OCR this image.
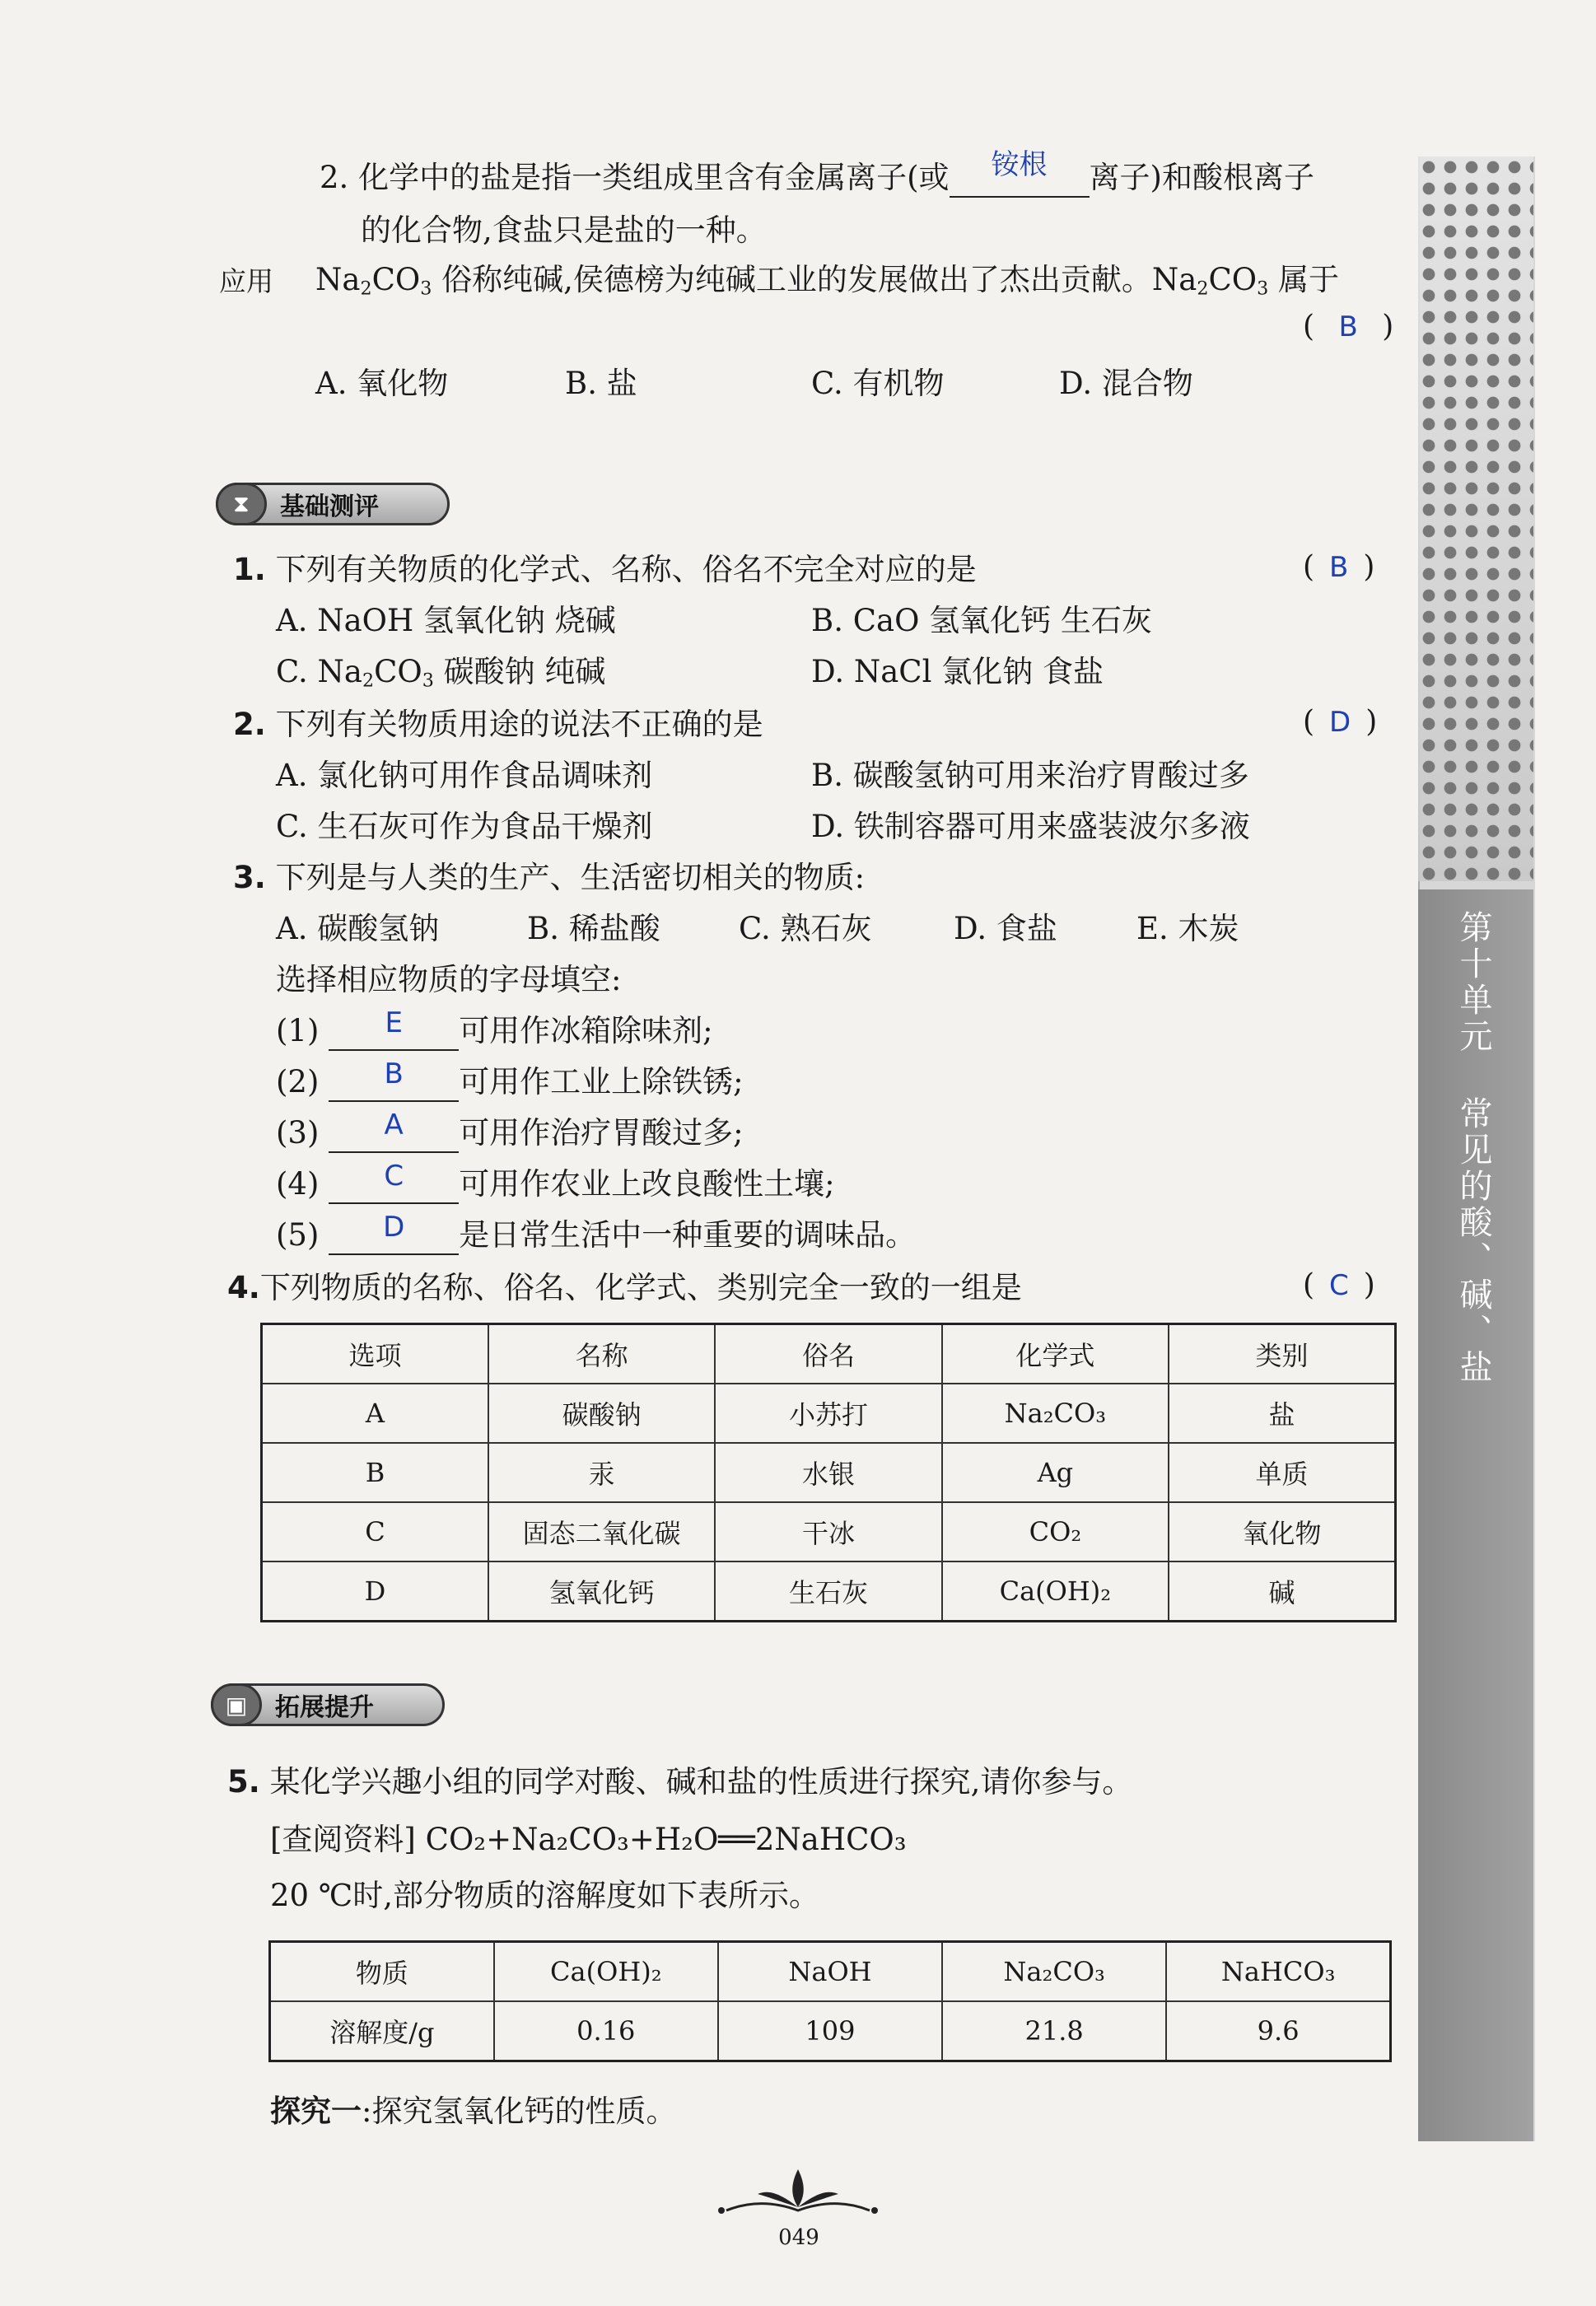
第十单元 常见的酸、碱、盐
2. 化学中的盐是指一类组成里含有金属离子(或	铵根	离子)和酸根离子
的化合物,食盐只是盐的一种。
应用 $Na_2CO_3$ 俗称纯碱,侯德榜为纯碱工业的发展做出了杰出贡献。$Na_2CO_3$ 属于
( B )
A. 氧化物	B. 盐	C. 有机物	D. 混合物
⧗	基础测评
1. 下列有关物质的化学式、名称、俗名不完全对应的是	( B )
A. NaOH 氢氧化钠 烧碱	B. CaO 氢氧化钙 生石灰
C. $Na_2CO_3$ 碳酸钠 纯碱	D. NaCl 氯化钠 食盐
2. 下列有关物质用途的说法不正确的是	( D )
A. 氯化钠可用作食品调味剂	B. 碳酸氢钠可用来治疗胃酸过多
C. 生石灰可作为食品干燥剂	D. 铁制容器可用来盛装波尔多液
3. 下列是与人类的生产、生活密切相关的物质:
A. 碳酸氢钠	B. 稀盐酸	C. 熟石灰	D. 食盐	E. 木炭
选择相应物质的字母填空:
(1)	E	可用作冰箱除味剂;
(2)	B	可用作工业上除铁锈;
(3)	A	可用作治疗胃酸过多;
(4)	C	可用作农业上改良酸性土壤;
(5)	D	是日常生活中一种重要的调味品。
4.下列物质的名称、俗名、化学式、类别完全一致的一组是	( C )
选项	名称	俗名	化学式	类别
A	碳酸钠	小苏打	Na₂CO₃	盐
B	汞	水银	Ag	单质
C	固态二氧化碳	干冰	CO₂	氧化物
D	氢氧化钙	生石灰	Ca(OH)₂	碱
▣	拓展提升
5. 某化学兴趣小组的同学对酸、碱和盐的性质进行探究,请你参与。
[查阅资料] CO₂+Na₂CO₃+H₂O══2NaHCO₃
20 ℃时,部分物质的溶解度如下表所示。
物质	Ca(OH)₂	NaOH	Na₂CO₃	NaHCO₃
溶解度/g	0.16	109	21.8	9.6
探究一:探究氢氧化钙的性质。
049
